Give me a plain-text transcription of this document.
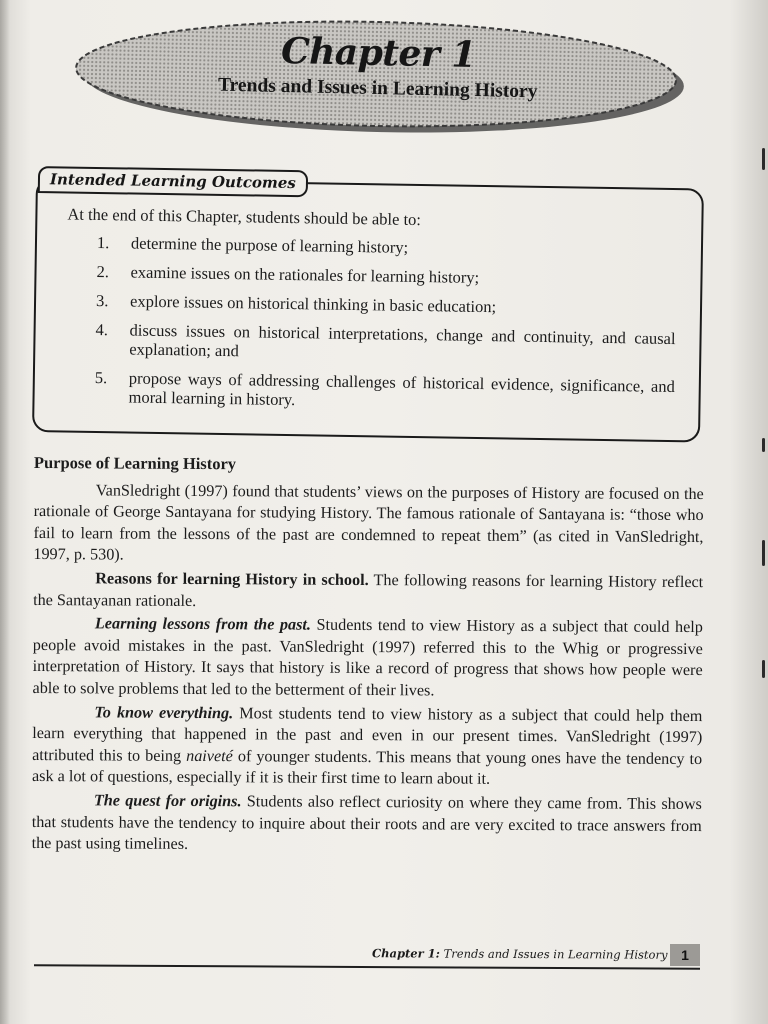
Chapter 1
Trends and Issues in Learning History
Intended Learning Outcomes
At the end of this Chapter, students should be able to:
1. determine the purpose of learning history;
2. examine issues on the rationales for learning history;
3. explore issues on historical thinking in basic education;
4. discuss issues on historical interpretations, change and continuity, and causal explanation; and
5. propose ways of addressing challenges of historical evidence, significance, and moral learning in history.
Purpose of Learning History

VanSledright (1997) found that students’ views on the purposes of History are focused on the rationale of George Santayana for studying History. The famous rationale of Santayana is: “those who fail to learn from the lessons of the past are condemned to repeat them” (as cited in VanSledright, 1997, p. 530).

Reasons for learning History in school. The following reasons for learning History reflect the Santayanan rationale.

Learning lessons from the past. Students tend to view History as a subject that could help people avoid mistakes in the past. VanSledright (1997) referred this to the Whig or progressive interpretation of History. It says that history is like a record of progress that shows how people were able to solve problems that led to the betterment of their lives.

To know everything. Most students tend to view history as a subject that could help them learn everything that happened in the past and even in our present times. VanSledright (1997) attributed this to being naiveté of younger students. This means that young ones have the tendency to ask a lot of questions, especially if it is their first time to learn about it.

The quest for origins. Students also reflect curiosity on where they came from. This shows that students have the tendency to inquire about their roots and are very excited to trace answers from the past using timelines.

Chapter 1: Trends and Issues in Learning History 1
